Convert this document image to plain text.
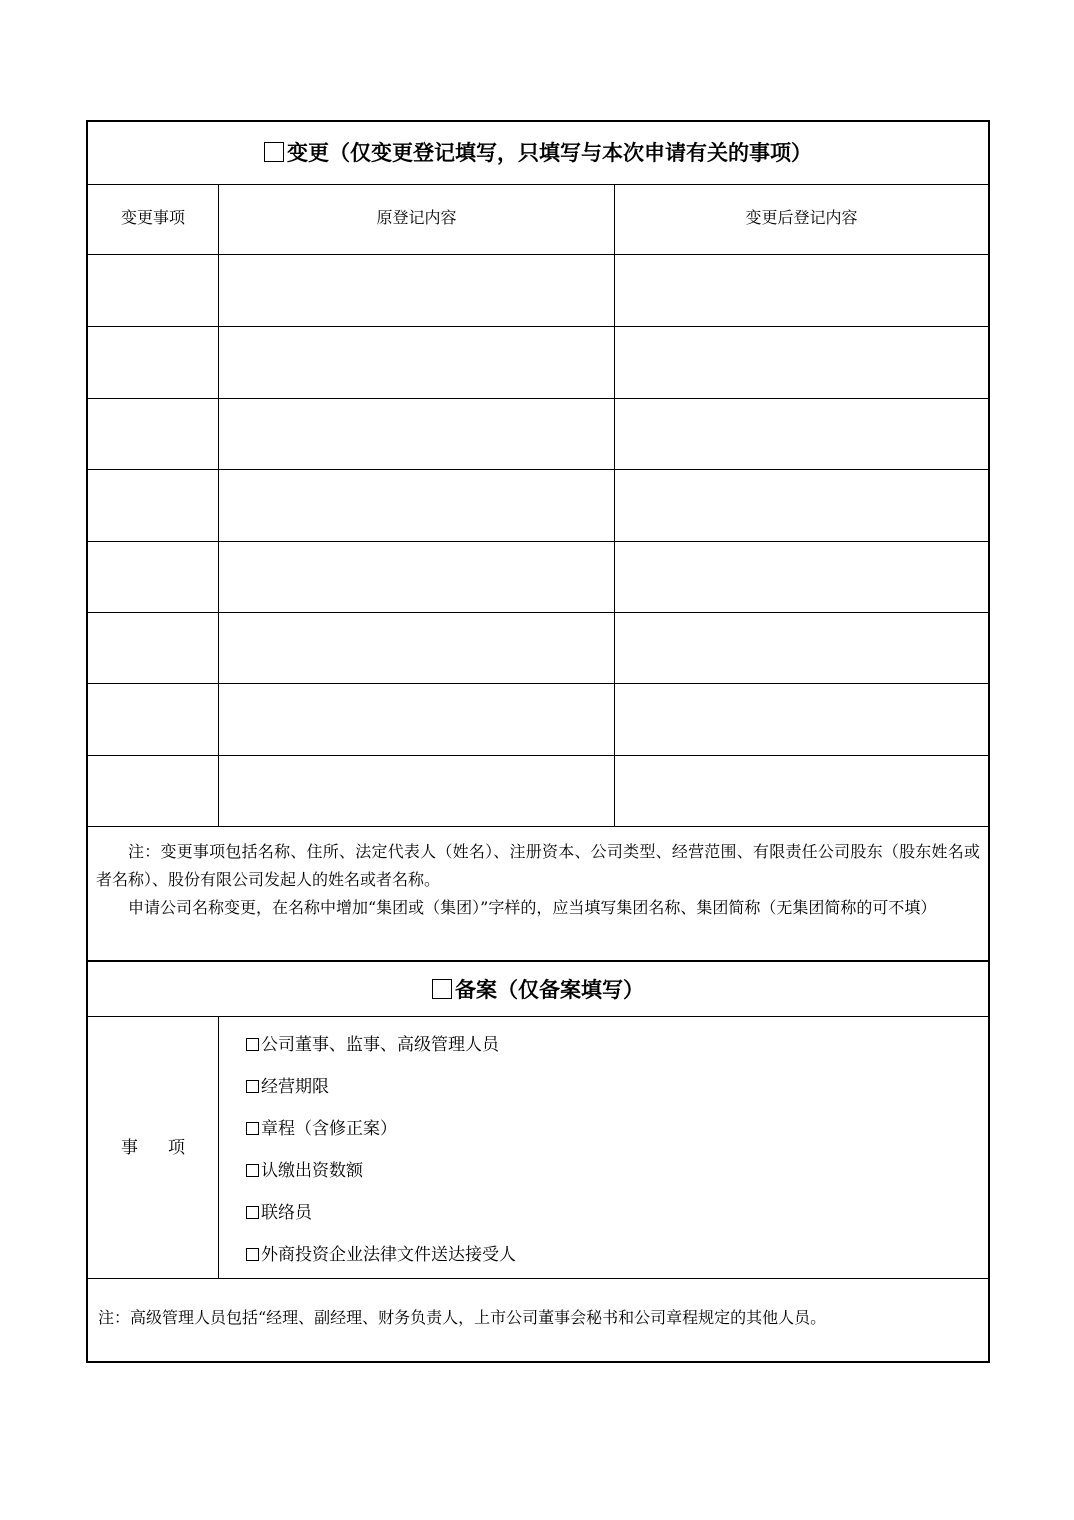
变更（仅变更登记填写，只填写与本次申请有关的事项）
变更事项	原登记内容	变更后登记内容

注：变更事项包括名称、住所、法定代表人（姓名）、注册资本、公司类型、经营范围、有限责任公司股东（股东姓名或者名称）、股份有限公司发起人的姓名或者名称。

申请公司名称变更，在名称中增加“集团或（集团）”字样的，应当填写集团名称、集团简称（无集团简称的可不填）

备案（仅备案填写）
事 项
公司董事、监事、高级管理人员
经营期限
章程（含修正案）
认缴出资数额
联络员
外商投资企业法律文件送达接受人
注：高级管理人员包括“经理、副经理、财务负责人，上市公司董事会秘书和公司章程规定的其他人员。
